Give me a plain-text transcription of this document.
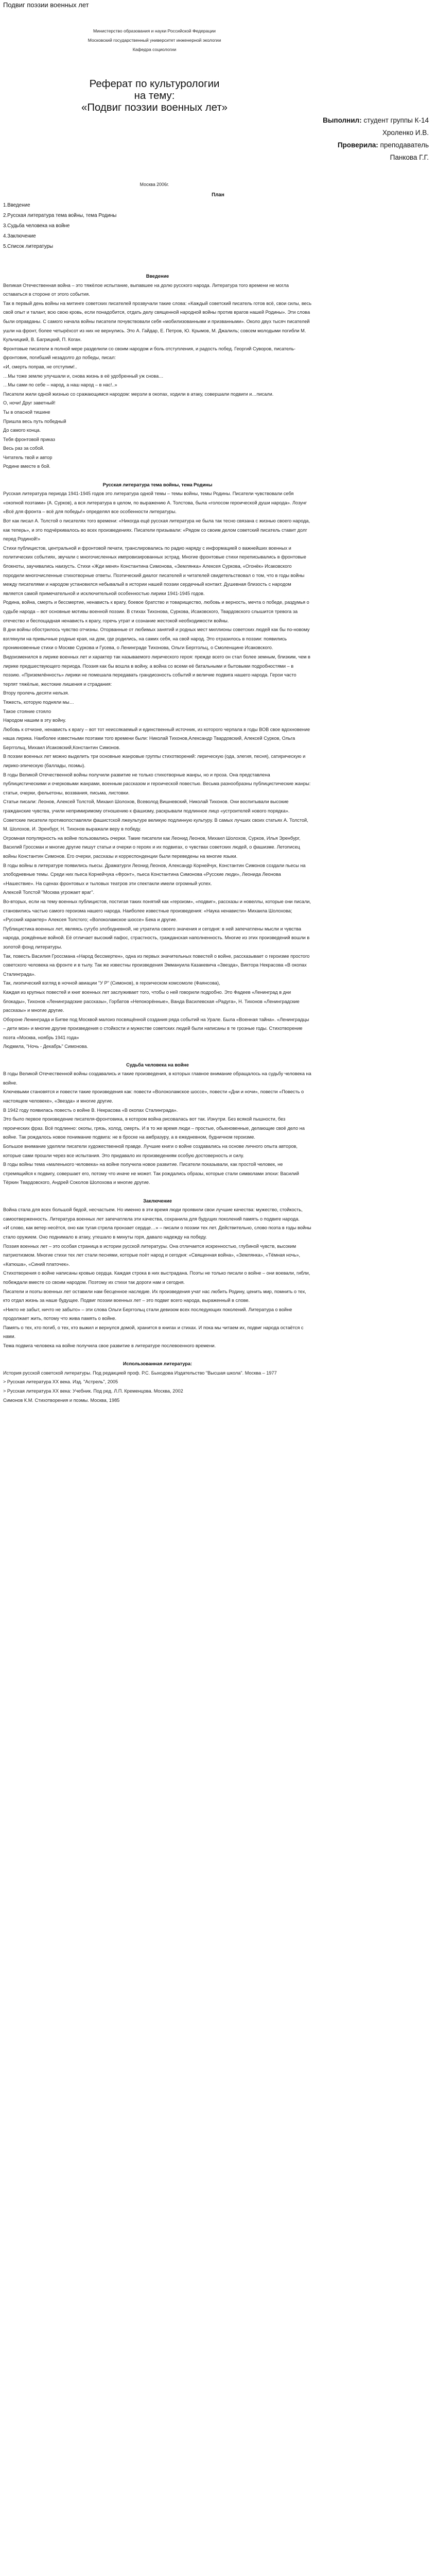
Подвиг поэзии военных лет
Министерство образования и науки Российской Федерации
Московский государственный университет инженерной экологии
Кафедра социологии
Реферат по культурологии
на тему:
«Подвиг поэзии военных лет»
Выполнил: студент группы К-14
Хроленко И.В.
Проверила: преподаватель
Панкова Г.Г.
Москва 2006г.
План
1.Введение
2.Русская литература тема войны, тема Родины
3.Судьба человека на войне
4.Заключение
5.Список литературы

Введение

Великая Отечественная война – это тяжёлое испытание, выпавшее на долю русского народа. Литература того времени не могла оставаться в стороне от этого события.

Так в первый день войны на митинге советских писателей прозвучали такие слова: «Каждый советский писатель готов всё, свои силы, весь свой опыт и талант, всю свою кровь, если понадобится, отдать делу священной народной войны против врагов нашей Родины». Эти слова были оправданы. С самого начала войны писатели почувствовали себя «мобилизованными и призванными». Около двух тысяч писателей ушли на фронт, более четырёхсот из них не вернулись. Это А. Гайдар, Е. Петров, Ю. Крымов, М. Джалиль; совсем молодыми погибли М. Кульчицкий, В. Багрицкий, П. Коган.

Фронтовые писатели в полной мере разделили со своим народом и боль отступления, и радость побед. Георгий Суворов, писатель-фронтовик, погибший незадолго до победы, писал:

«И, смерть поправ, не отступим!..

…Мы тоже землю улучшали и, снова жизнь в её удобренный уж снова…

…Мы сами по себе – народ, а наш народ – в нас!..»

Писатели жили одной жизнью со сражающимся народом: мерзли в окопах, ходили в атаку, совершали подвиги и…писали.

О, ночи! Друг заветный!

Ты в опасной тишине

Пришла весь путь победный

До самого конца.

Тебя фронтовой приказ

Весь раз за собой.

Читатель твой и автор

Родине вместе в бой.

Русская литература тема войны, тема Родины

Русская литература периода 1941-1945 годов это литература одной темы – темы войны, темы Родины. Писатели чувствовали себя «окопной поэтами» (А. Сурков), а вся литература в целом, по выражению А. Толстова, была «голосом героической души народа». Лозунг «Всё для фронта – всё для победы!» определял все особенности литературы.

Вот как писал А. Толстой о писателях того времени: «Никогда ещё русская литература не была так тесно связана с жизнью своего народа, как теперь», и это подчёркивалось во всех произведениях. Писатели призывали: «Рядом со своим делом советский писатель ставит долг перед Родиной!»

Стихи публицистов, центральной и фронтовой печати, транслировались по радио наряду с информацией о важнейших военных и политических событиях, звучали с многочисленных импровизированных эстрад. Многие фронтовые стихи переписывались в фронтовые блокноты, заучивались наизусть. Стихи «Жди меня» Константина Симонова, «Землянка» Алексея Суркова, «Огонёк» Исаковского породили многочисленные стихотворные ответы. Поэтический диалог писателей и читателей свидетельствовал о том, что в годы войны между писателями и народом установился небывалый в истории нашей поэзии сердечный контакт. Душевная близость с народом является самой примечательной и исключительной особенностью лирики 1941-1945 годов.

Родина, война, смерть и бессмертие, ненависть к врагу, боевое братство и товарищество, любовь и верность, мечта о победе, раздумья о судьбе народа – вот основные мотивы военной поэзии. В стихах Тихонова, Суркова, Исаковского, Твардовского слышится тревога за отечество и беспощадная ненависть к врагу, горечь утрат и сознание жестокой необходимости войны.

В дни войны обострилось чувство отчизны. Оторванные от любимых занятий и родных мест миллионы советских людей как бы по-новому взглянули на привычные родные края, на дом, где родились, на самих себя, на свой народ. Это отразилось в поэзии: появились проникновенные стихи о Москве Суркова и Гусева, о Ленинграде Тихонова, Ольги Берггольц, о Смоленщине Исаковского.

Видоизменился в лирике военных лет и характер так называемого лирического героя: прежде всего он стал более земным, близким, чем в лирике предшествующего периода. Поэзия как бы вошла в войну, а война со всеми её батальными и бытовыми подробностями – в поэзию. «Приземлённость» лирики не помешала передавать грандиозность событий и величие подвига нашего народа. Герои часто терпят тяжёлые, жестокие лишения и страдания:

Втору пролечь десяти нельзя.

Тяжесть, которую подняли мы…

Такое стояние стояло

Народом нашим в эту войну.

Любовь к отчизне, ненависть к врагу – вот тот неиссякаемый и единственный источник, из которого черпала в годы ВОВ свое вдохновение наша лирика. Наиболее известными поэтами того времени были: Николай Тихонов,Александр Твардовский, Алексей Сурков, Ольга Берггольц, Михаил Исаковский,Константин Симонов.

В поэзии военных лет можно выделить три основные жанровые группы стихотворений: лирическую (ода, элегия, песня), сатирическую и лирико-эпическую (баллады, поэмы).

В годы Великой Отечественной войны получили развитие не только стихотворные жанры, но и проза. Она представлена публицистическими и очерковыми жанрами, военным рассказом и героической повестью. Весьма разнообразны публицистические жанры: статьи, очерки, фельетоны, воззвания, письма, листовки.

Статьи писали: Леонов, Алексей Толстой, Михаил Шолохов, Всеволод Вишневский, Николай Тихонов. Они воспитывали высокие гражданские чувства, учили непримиримому отношению к фашизму, раскрывали подлинное лицо «устроителей нового порядка». Советские писатели противопоставляли фашистской лжеультуре великую подлинную культуру. В самых лучших своих статьях А. Толстой, М. Шолохов, И. Эренбург, Н. Тихонов выражали веру в победу.

Огромная популярность на войне пользовались очерки. Такие писатели как Леонид Леонов, Михаил Шолохов, Сурков, Илья Эренбург, Василий Гроссман и многие другие пишут статьи и очерки о героях и их подвигах, о чувствах советских людей, о фашизме. Летописец войны Константин Симонов. Его очерки, рассказы и корреспонденции были переведены на многие языки.

В годы войны в литературе появились пьесы. Драматурги Леонид Леонов, Александр Корнейчук, Константин Симонов создали пьесы на злободневные темы. Среди них пьеса Корнейчука «Фронт», пьеса Константина Симонова «Русские люди», Леонида Леонова «Нашествие». На сценах фронтовых и тыловых театров эти спектакли имели огромный успех.

Алексей Толстой "Москва угрожает враг".

Во-вторых, если на тему военных публицистов, постигая таких понятий как «героизм», «подвиг», рассказы и новеллы, которые они писали, становились частью самого героизма нашего народа. Наиболее известные произведения: «Наука ненависти» Михаила Шолохова; «Русский характер» Алексея Толстого; «Волоколамское шоссе» Бека и другие.

Публицистика военных лет, являясь сугубо злободневной, не утратила своего значения и сегодня: в ней запечатлены мысли и чувства народа, рождённые войной. Её отличает высокий пафос, страстность, гражданская наполненность. Многие из этих произведений вошли в золотой фонд литературы.

Так, повесть Василия Гроссмана «Народ бессмертен», одна из первых значительных повестей о войне, рассказывает о героизме простого советского человека на фронте и в тылу. Так же известны произведения Эммануила Казакевича «Звезда», Виктора Некрасова «В окопах Сталинграда».

Так, лиэпический взгляд в ночной авиации "У Р" (Симонов), в героическом комсомоле (Фаянсова),

Каждая из крупных повестей и книг военных лет заслуживает того, чтобы о ней говорили подробно. Это Фадеев «Ленинград в дни блокады», Тихонов «Ленинградские рассказы», Горбатов «Непокорённые», Ванда Василевская «Радуга», Н. Тихонов «Ленинградские рассказы» и многие другие.

Обороне Ленинграда и Битве под Москвой малоиз посвящённой создания ряда событий на Урале. Была «Военная тайна». «Ленинградцы – дети мои» и многие другие произведения о стойкости и мужестве советских людей были написаны в те грозные годы. Стихотворение поэта «Москва, ноябрь 1941 года»

Людмила, "Ночь - Декабрь" Симонова.

Судьба человека на войне

В годы Великой Отечественной войны создавались и такие произведения, в которых главное внимание обращалось на судьбу человека на войне.

Ключевыми становятся и повести такие произведения как: повести «Волоколамское шоссе», повести «Дни и ночи», повести «Повесть о настоящем человеке», «Звезда» и многие другие.

В 1942 году появилась повесть о войне В. Некрасова «В окопах Сталинграда».

Это было первое произведение писателя-фронтовика, в котором война рисовалась вот так. Изнутри. Без всякой пышности, без героических фраз. Всё подлинно: окопы, грязь, холод, смерть. И в то же время люди – простые, обыкновенные, делающие своё дело на войне. Так рождалось новое понимание подвига: не в броске на амбразуру, а в ежедневном, будничном героизме.

Большое внимание уделяли писатели художественной правде. Лучшие книги о войне создавались на основе личного опыта авторов, которые сами прошли через все испытания. Это придавало их произведениям особую достоверность и силу.

В годы войны тема «маленького человека» на войне получила новое развитие. Писатели показывали, как простой человек, не стремящийся к подвигу, совершает его, потому что иначе не может. Так рождались образы, которые стали символами эпохи: Василий Тёркин Твардовского, Андрей Соколов Шолохова и многие другие.

Заключение

Война стала для всех большой бедой, несчастьем. Но именно в эти время люди проявили свои лучшие качества: мужество, стойкость, самоотверженность. Литература военных лет запечатлела эти качества, сохранила для будущих поколений память о подвиге народа.

«И слово, как ветер несётся, оно как тугая стрела пронзает сердце…» – писали о поэзии тех лет. Действительно, слово поэта в годы войны стало оружием. Оно поднимало в атаку, утешало в минуты горя, давало надежду на победу.

Поэзия военных лет – это особая страница в истории русской литературы. Она отличается искренностью, глубиной чувств, высоким патриотизмом. Многие стихи тех лет стали песнями, которые поёт народ и сегодня: «Священная война», «Землянка», «Тёмная ночь», «Катюша», «Синий платочек».

Стихотворения о войне написаны кровью сердца. Каждая строка в них выстрадана. Поэты не только писали о войне – они воевали, гибли, побеждали вместе со своим народом. Поэтому их стихи так дороги нам и сегодня.

Писатели и поэты военных лет оставили нам бесценное наследие. Их произведения учат нас любить Родину, ценить мир, помнить о тех, кто отдал жизнь за наше будущее. Подвиг поэзии военных лет – это подвиг всего народа, выраженный в слове.

«Никто не забыт, ничто не забыто» – эти слова Ольги Берггольц стали девизом всех последующих поколений. Литература о войне продолжает жить, потому что жива память о войне.

Память о тех, кто погиб, о тех, кто выжил и вернулся домой, хранится в книгах и стихах. И пока мы читаем их, подвиг народа остаётся с нами.

Тема подвига человека на войне получила свое развитие в литературе послевоенного времени.

Использованная литература:

История русской советской литературы. Под редакцией проф. Р.С. Быходова Издательство "Высшая школа". Москва – 1977

> Русская литература XX века. Изд. "Астрель", 2005

> Русская литература XX века: Учебник. Под ред. Л.П. Кременцова. Москва, 2002

Симонов К.М. Стихотворения и поэмы. Москва, 1985
